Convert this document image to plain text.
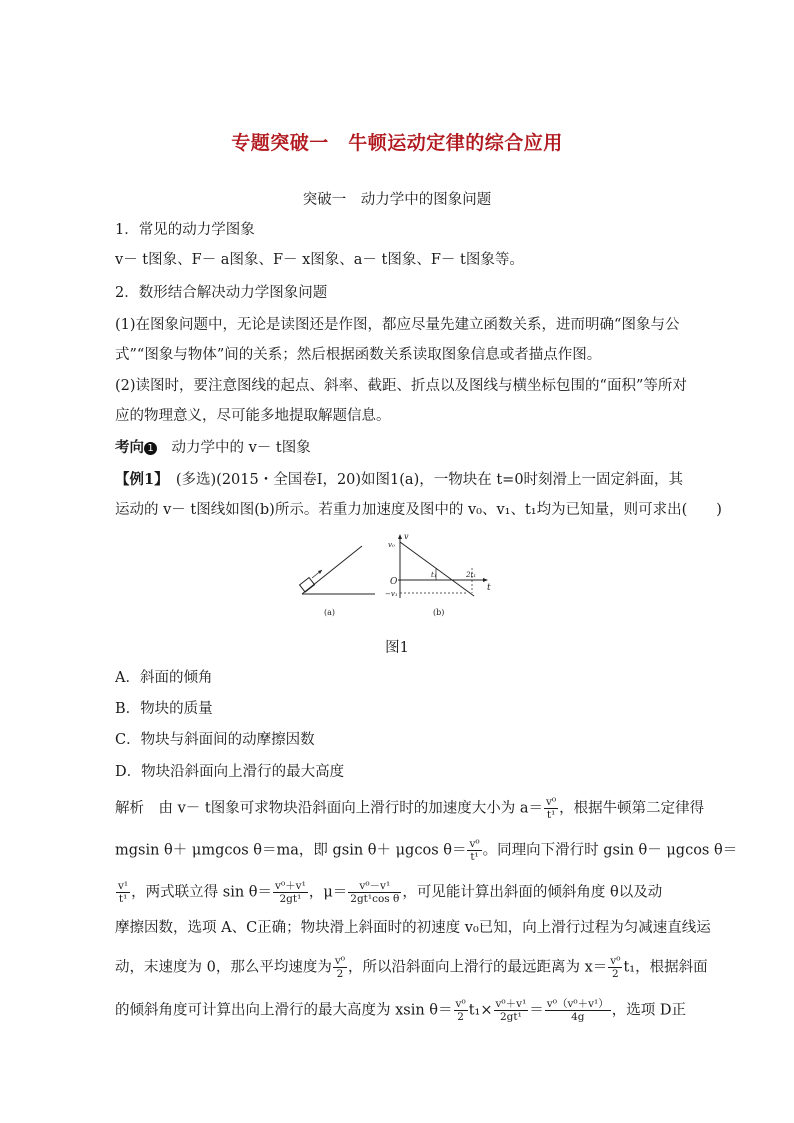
专题突破一　牛顿运动定律的综合应用
突破一　动力学中的图象问题
1．常见的动力学图象
v－ t图象、F－ a图象、F－ x图象、a－ t图象、F－ t图象等。
2．数形结合解决动力学图象问题
(1)在图象问题中，无论是读图还是作图，都应尽量先建立函数关系，进而明确“图象与公
式”“图象与物体”间的关系；然后根据函数关系读取图象信息或者描点作图。
(2)读图时，要注意图线的起点、斜率、截距、折点以及图线与横坐标包围的“面积”等所对
应的物理意义，尽可能多地提取解题信息。
考向 1　动力学中的 v－ t图象
【例1】　(多选)(2015・全国卷Ⅰ，20)如图1(a)，一物块在 t=0时刻滑上一固定斜面，其
运动的 v－ t图线如图(b)所示。若重力加速度及图中的 v₀、v₁、t₁均为已知量，则可求出(　　)
(a)
v
t
O
v₀
−v₁
t₁	2t₁
(b)
图1
A．斜面的倾角
B．物块的质量
C．物块与斜面间的动摩擦因数
D．物块沿斜面向上滑行的最大高度
解析　由 v－ t图象可求物块沿斜面向上滑行时的加速度大小为 $a= \frac{\text{v⁰}}{\text{t¹}}$ ，根据牛顿第二定律得
mgsin θ＋ μmgcos θ＝ma，即 gsin θ＋ μgcos $\theta= \frac{\text{v⁰}}{\text{t¹}}$ 。同理向下滑行时 gsin θ－ μgcos θ＝
$\frac{\text{v¹}}{\text{t¹}}$ ，两式联立得 $\sin \theta= \frac{\text{v⁰＋v¹}}{\text{2gt¹}}$ ，$\mu= \frac{\text{v⁰－v¹}}{\text{2gt¹cos θ}}$ ，可见能计算出斜面的倾斜角度 θ以及动
摩擦因数，选项 A、C正确；物块滑上斜面时的初速度 v₀已知，向上滑行过程为匀减速直线运
动，末速度为 0，那么平均速度为 $\frac{\text{v⁰}}{2}$ ，所以沿斜面向上滑行的最远距离为 $x= \frac{\text{v⁰}}{2} t_1$，根据斜面
的倾斜角度可计算出向上滑行的最大高度为 xsin $\theta= \frac{\text{v⁰}}{2} t_1\times \frac{\text{v⁰＋v¹}}{\text{2gt¹}} = \frac{\text{v⁰（v⁰＋v¹）}}{4g}$ ，选项 D正
